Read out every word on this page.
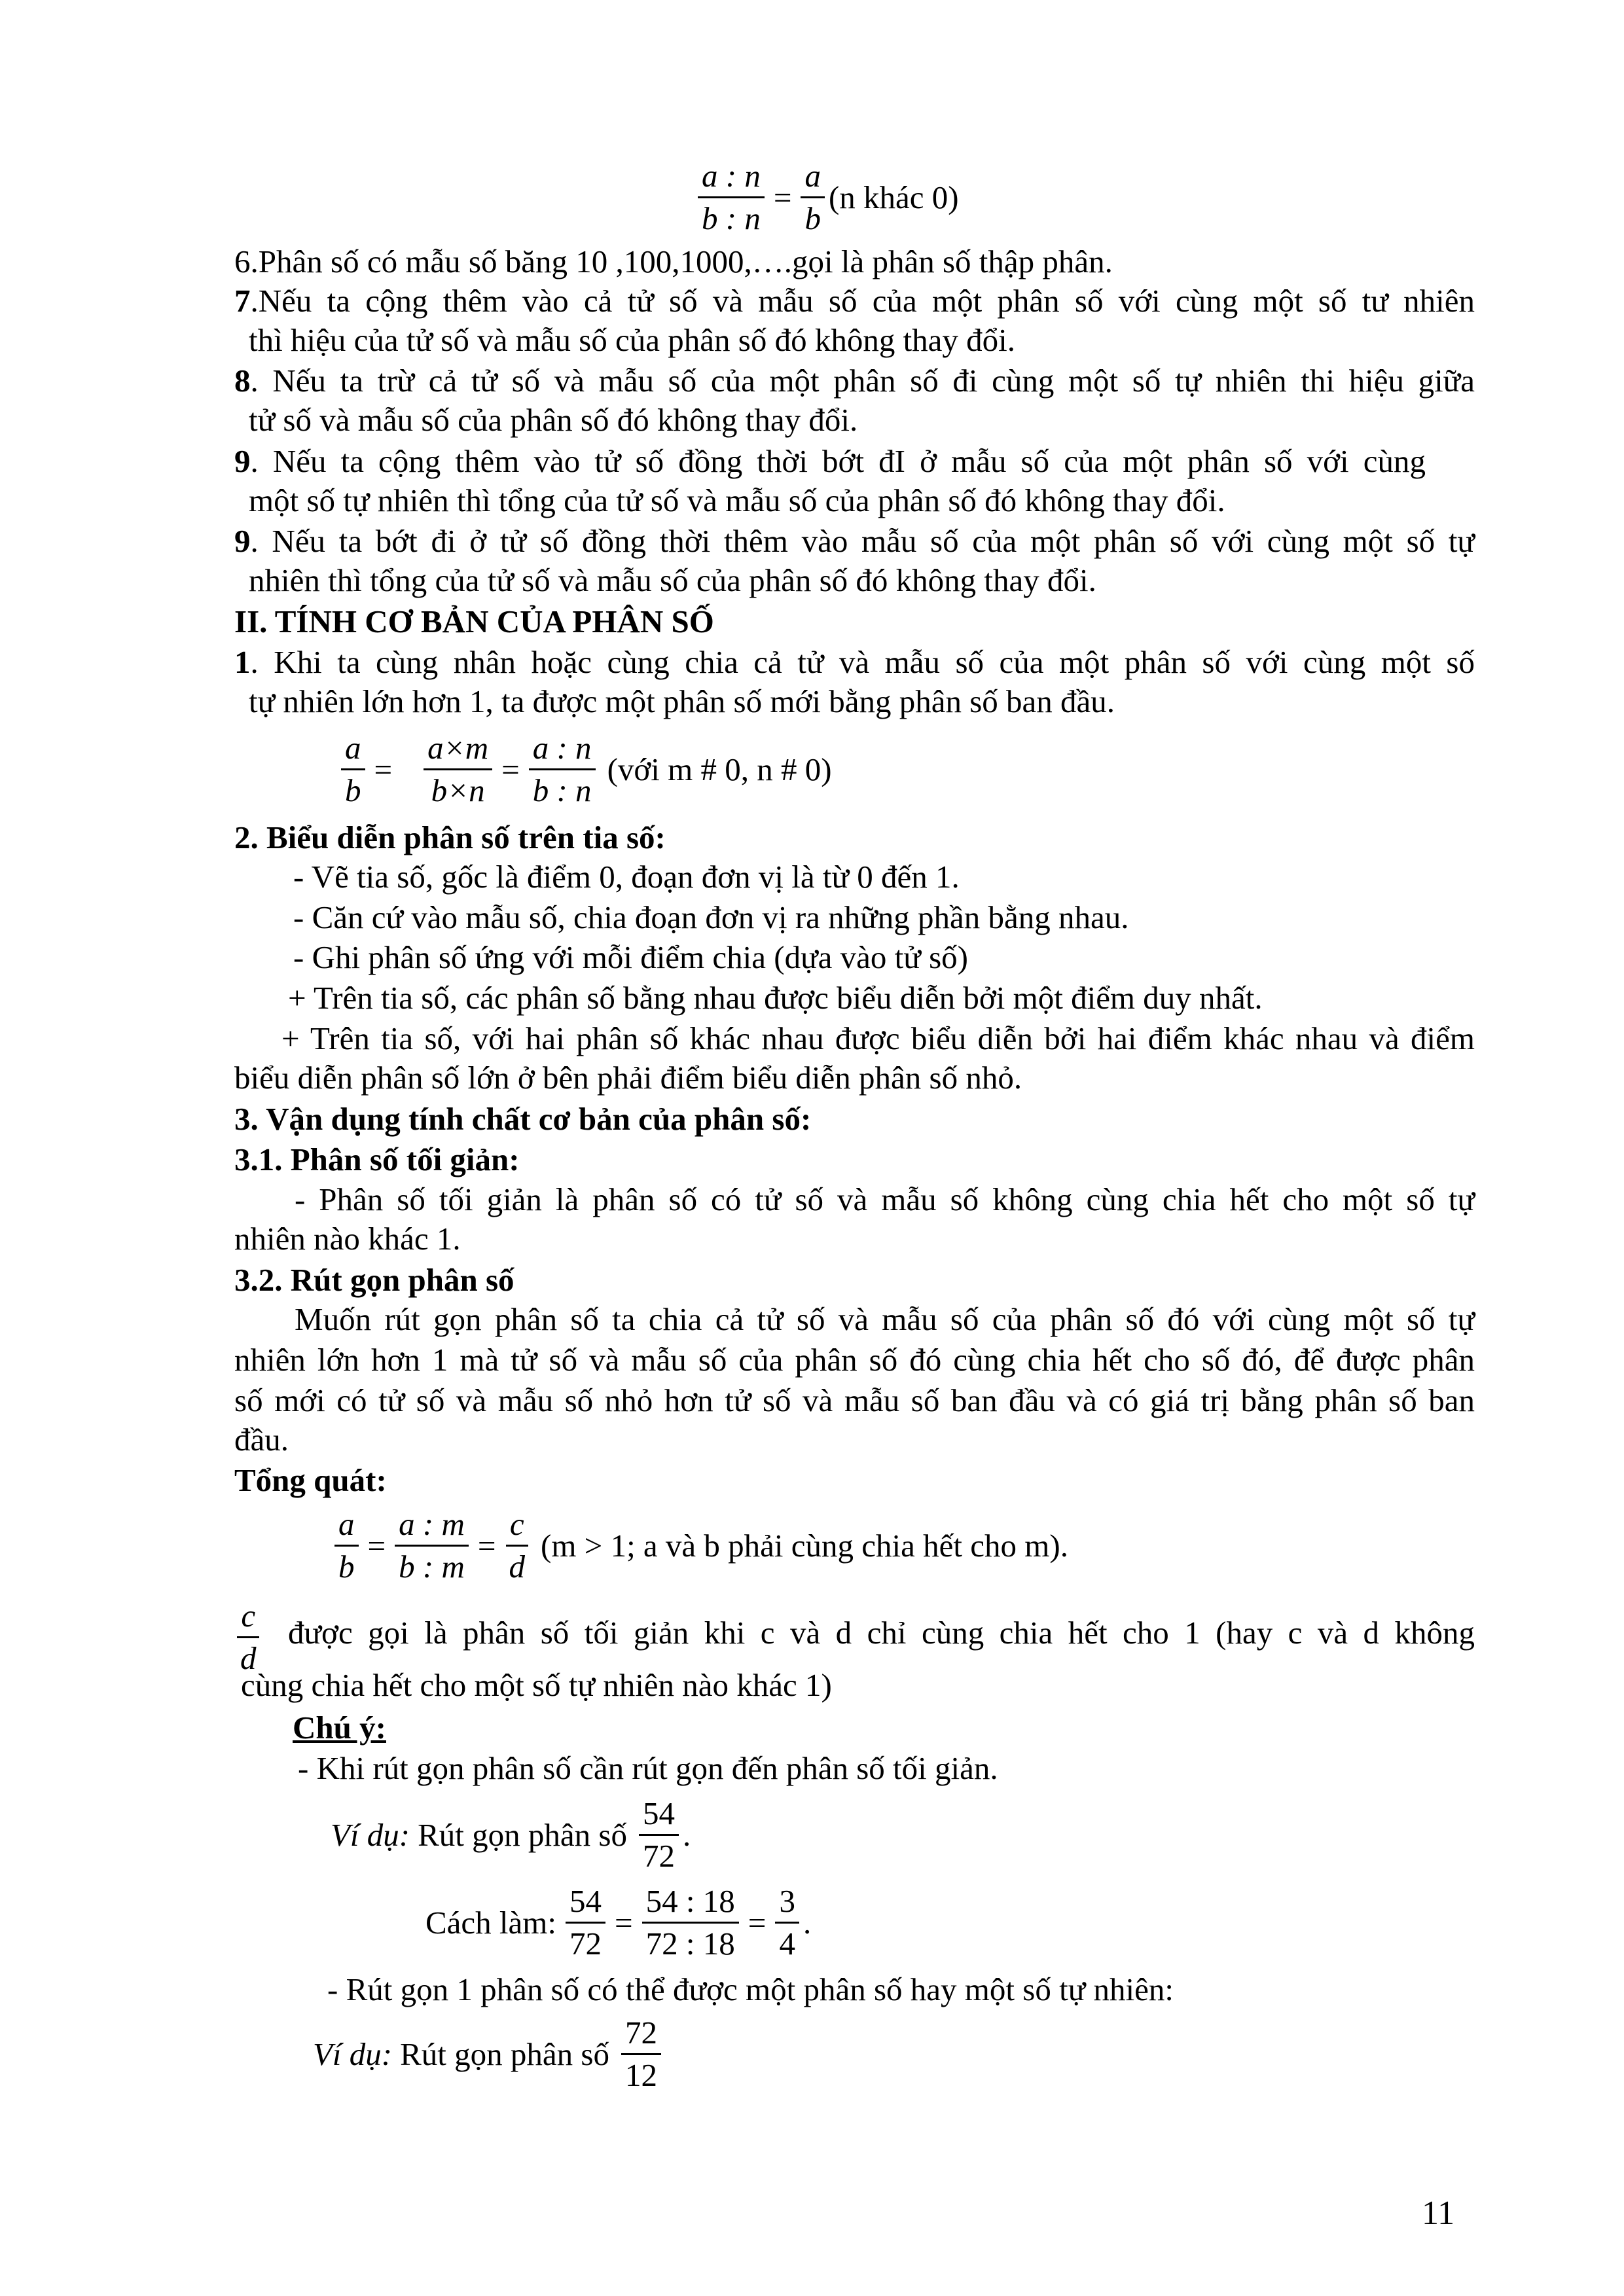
$\frac{a : n}{b : n} = \frac{a}{b} (n$ khác 0)
6.Phân số có mẫu số băng 10 ,100,1000,….gọi là phân số thập phân.
7.Nếu ta cộng thêm vào cả tử số và mẫu số của một phân số với cùng một số tư nhiên
thì hiệu của tử số và mẫu số của phân số đó không thay đổi.
8. Nếu ta trừ cả tử số và mẫu số của một phân số đi cùng một số tự nhiên thi hiệu giữa
tử số và mẫu số của phân số đó không thay đổi.
9. Nếu ta cộng thêm vào tử số đồng thời bớt đI ở mẫu số của một phân số với cùng
một số tự nhiên thì tổng của tử số và mẫu số của phân số đó không thay đổi.
9. Nếu ta bớt đi ở tử số đồng thời thêm vào mẫu số của một phân số với cùng một số tự
nhiên thì tổng của tử số và mẫu số của phân số đó không thay đổi.
II. TÍNH CƠ BẢN CỦA PHÂN SỐ
1. Khi ta cùng nhân hoặc cùng chia cả tử và mẫu số của một phân số với cùng một số
tự nhiên lớn hơn 1, ta được một phân số mới bằng phân số ban đầu.
$\frac{a}{b} = \frac{a\times m}{b\times n} = \frac{a : n}{b : n}$ (với m # 0, n # 0)
2. Biểu diễn phân số trên tia số:
- Vẽ tia số, gốc là điểm 0, đoạn đơn vị là từ 0 đến 1.
- Căn cứ vào mẫu số, chia đoạn đơn vị ra những phần bằng nhau.
- Ghi phân số ứng với mỗi điểm chia (dựa vào tử số)
+ Trên tia số, các phân số bằng nhau được biểu diễn bởi một điểm duy nhất.
+ Trên tia số, với hai phân số khác nhau được biểu diễn bởi hai điểm khác nhau và điểm
biểu diễn phân số lớn ở bên phải điểm biểu diễn phân số nhỏ.
3. Vận dụng tính chất cơ bản của phân số:
3.1. Phân số tối giản:
- Phân số tối giản là phân số có tử số và mẫu số không cùng chia hết cho một số tự
nhiên nào khác 1.
3.2. Rút gọn phân số
Muốn rút gọn phân số ta chia cả tử số và mẫu số của phân số đó với cùng một số tự
nhiên lớn hơn 1 mà tử số và mẫu số của phân số đó cùng chia hết cho số đó, để được phân
số mới có tử số và mẫu số nhỏ hơn tử số và mẫu số ban đầu và có giá trị bằng phân số ban
đầu.
Tổng quát:
$\frac{a}{b} = \frac{a : m}{b : m} = \frac{c}{d} (m > 1$; a và b phải cùng chia hết cho m).
$\frac{c}{d}$ được gọi là phân số tối giản khi c và d chỉ cùng chia hết cho 1 (hay c và d không
cùng chia hết cho một số tự nhiên nào khác 1)
Chú ý:
- Khi rút gọn phân số cần rút gọn đến phân số tối giản.
Ví dụ: Rút gọn phân số $\frac{54}{72}$ .
Cách làm: $\frac{54}{72} = \frac{54 : 18}{72 : 18} = \frac{3}{4}$ .
- Rút gọn 1 phân số có thể được một phân số hay một số tự nhiên:
Ví dụ: Rút gọn phân số $\frac{72}{12}$
11
